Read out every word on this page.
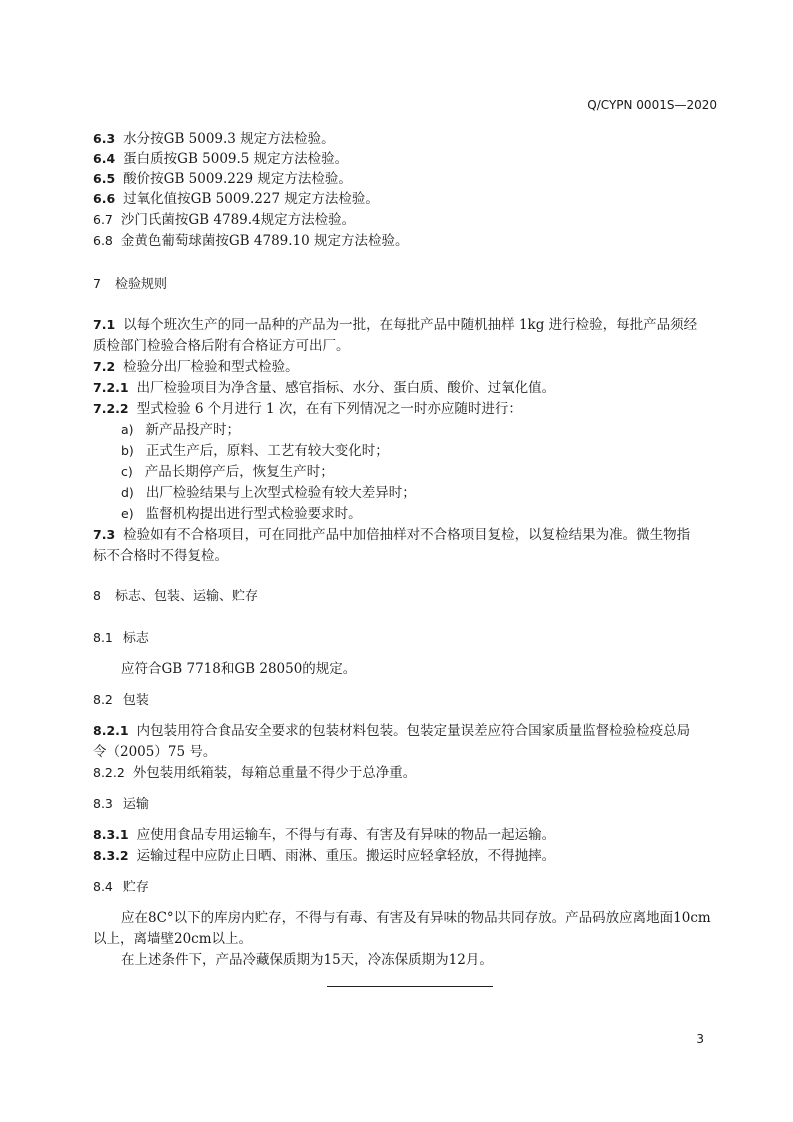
Q/CYPN 0001S—2020
6.3 水分按GB 5009.3 规定方法检验。
6.4 蛋白质按GB 5009.5 规定方法检验。
6.5 酸价按GB 5009.229 规定方法检验。
6.6 过氧化值按GB 5009.227 规定方法检验。
6.7 沙门氏菌按GB 4789.4规定方法检验。
6.8 金黄色葡萄球菌按GB 4789.10 规定方法检验。
7 检验规则
7.1 以每个班次生产的同一品种的产品为一批，在每批产品中随机抽样 1kg 进行检验，每批产品须经
质检部门检验合格后附有合格证方可出厂。
7.2 检验分出厂检验和型式检验。
7.2.1 出厂检验项目为净含量、感官指标、水分、蛋白质、酸价、过氧化值。
7.2.2 型式检验 6 个月进行 1 次，在有下列情况之一时亦应随时进行：
a) 新产品投产时；
b) 正式生产后，原料、工艺有较大变化时；
c) 产品长期停产后，恢复生产时；
d) 出厂检验结果与上次型式检验有较大差异时；
e) 监督机构提出进行型式检验要求时。
7.3 检验如有不合格项目，可在同批产品中加倍抽样对不合格项目复检，以复检结果为准。微生物指
标不合格时不得复检。
8 标志、包装、运输、贮存
8.1 标志
应符合GB 7718和GB 28050的规定。
8.2 包装
8.2.1 内包装用符合食品安全要求的包装材料包装。包装定量误差应符合国家质量监督检验检疫总局
令（2005）75 号。
8.2.2 外包装用纸箱装，每箱总重量不得少于总净重。
8.3 运输
8.3.1 应使用食品专用运输车，不得与有毒、有害及有异味的物品一起运输。
8.3.2 运输过程中应防止日晒、雨淋、重压。搬运时应轻拿轻放，不得抛摔。
8.4 贮存
应在8C°以下的库房内贮存，不得与有毒、有害及有异味的物品共同存放。产品码放应离地面10cm
以上，离墙壁20cm以上。
在上述条件下，产品冷藏保质期为15天，冷冻保质期为12月。
3
